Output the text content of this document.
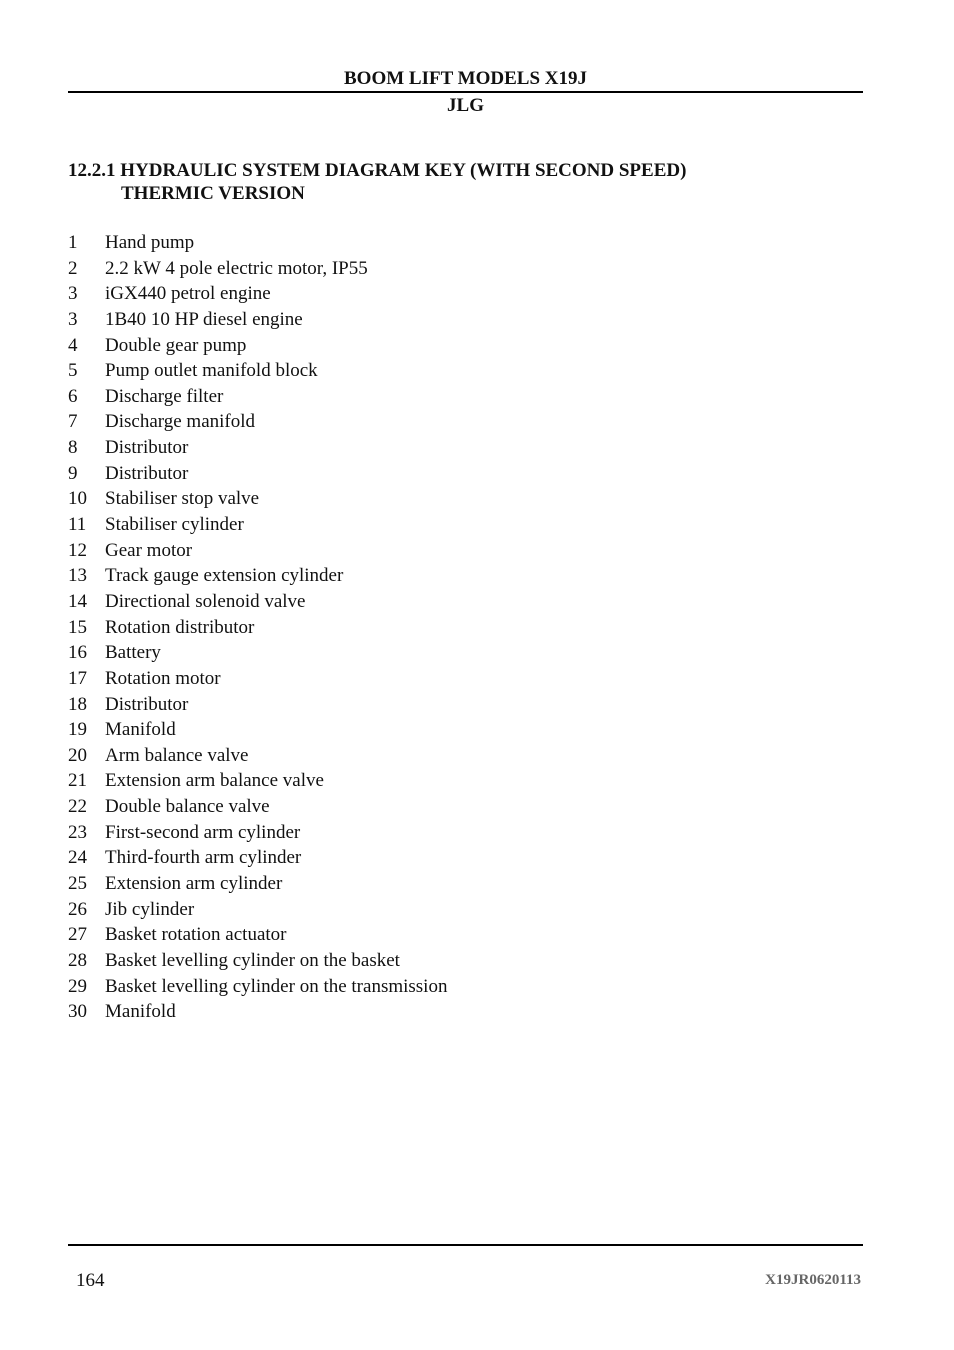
BOOM LIFT MODELS X19J
JLG
12.2.1 HYDRAULIC SYSTEM DIAGRAM KEY (WITH SECOND SPEED)
THERMIC VERSION
1 Hand pump
2 2.2 kW 4 pole electric motor, IP55
3 iGX440 petrol engine
3 1B40 10 HP diesel engine
4 Double gear pump
5 Pump outlet manifold block
6 Discharge filter
7 Discharge manifold
8 Distributor
9 Distributor
10 Stabiliser stop valve
11 Stabiliser cylinder
12 Gear motor
13 Track gauge extension cylinder
14 Directional solenoid valve
15 Rotation distributor
16 Battery
17 Rotation motor
18 Distributor
19 Manifold
20 Arm balance valve
21 Extension arm balance valve
22 Double balance valve
23 First-second arm cylinder
24 Third-fourth arm cylinder
25 Extension arm cylinder
26 Jib cylinder
27 Basket rotation actuator
28 Basket levelling cylinder on the basket
29 Basket levelling cylinder on the transmission
30 Manifold
164	X19JR0620113
